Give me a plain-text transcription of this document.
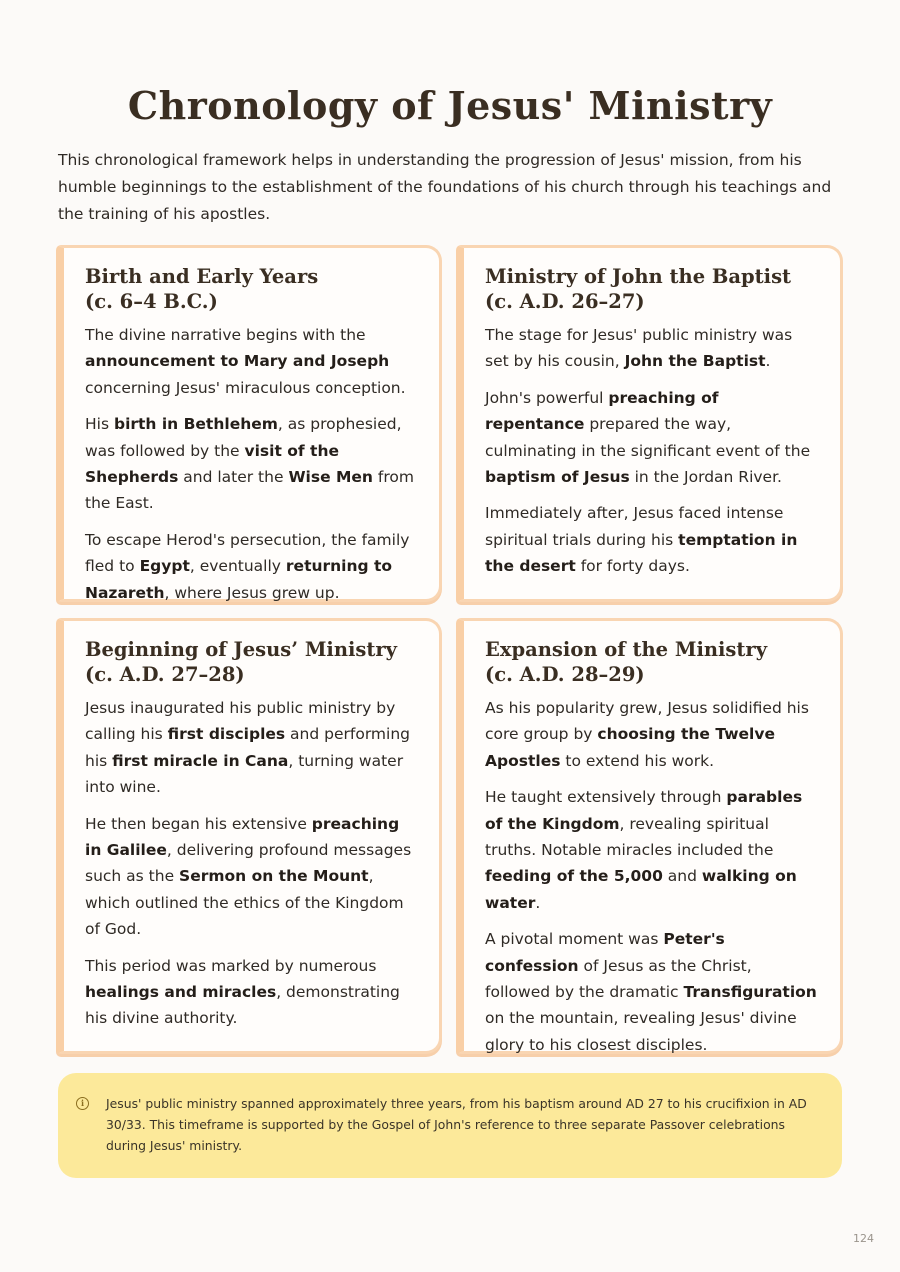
Chronology of Jesus' Ministry

This chronological framework helps in understanding the progression of Jesus' mission, from his humble beginnings to the establishment of the foundations of his church through his teachings and the training of his apostles.

Birth and Early Years
(c. 6–4 B.C.)

The divine narrative begins with the announcement to Mary and Joseph concerning Jesus' miraculous conception.

His birth in Bethlehem, as prophesied, was followed by the visit of the Shepherds and later the Wise Men from the East.

To escape Herod's persecution, the family fled to Egypt, eventually returning to Nazareth, where Jesus grew up.

Ministry of John the Baptist
(c. A.D. 26–27)

The stage for Jesus' public ministry was set by his cousin, John the Baptist.

John's powerful preaching of repentance prepared the way, culminating in the significant event of the baptism of Jesus in the Jordan River.

Immediately after, Jesus faced intense spiritual trials during his temptation in the desert for forty days.

Beginning of Jesus’ Ministry
(c. A.D. 27–28)

Jesus inaugurated his public ministry by calling his first disciples and performing his first miracle in Cana, turning water into wine.

He then began his extensive preaching in Galilee, delivering profound messages such as the Sermon on the Mount, which outlined the ethics of the Kingdom of God.

This period was marked by numerous healings and miracles, demonstrating his divine authority.

Expansion of the Ministry
(c. A.D. 28–29)

As his popularity grew, Jesus solidified his core group by choosing the Twelve Apostles to extend his work.

He taught extensively through parables of the Kingdom, revealing spiritual truths. Notable miracles included the feeding of the 5,000 and walking on water.

A pivotal moment was Peter's confession of Jesus as the Christ, followed by the dramatic Transfiguration on the mountain, revealing Jesus' divine glory to his closest disciples.

i	Jesus' public ministry spanned approximately three years, from his baptism around AD 27 to his crucifixion in AD 30/33. This timeframe is supported by the Gospel of John's reference to three separate Passover celebrations during Jesus' ministry.

124
